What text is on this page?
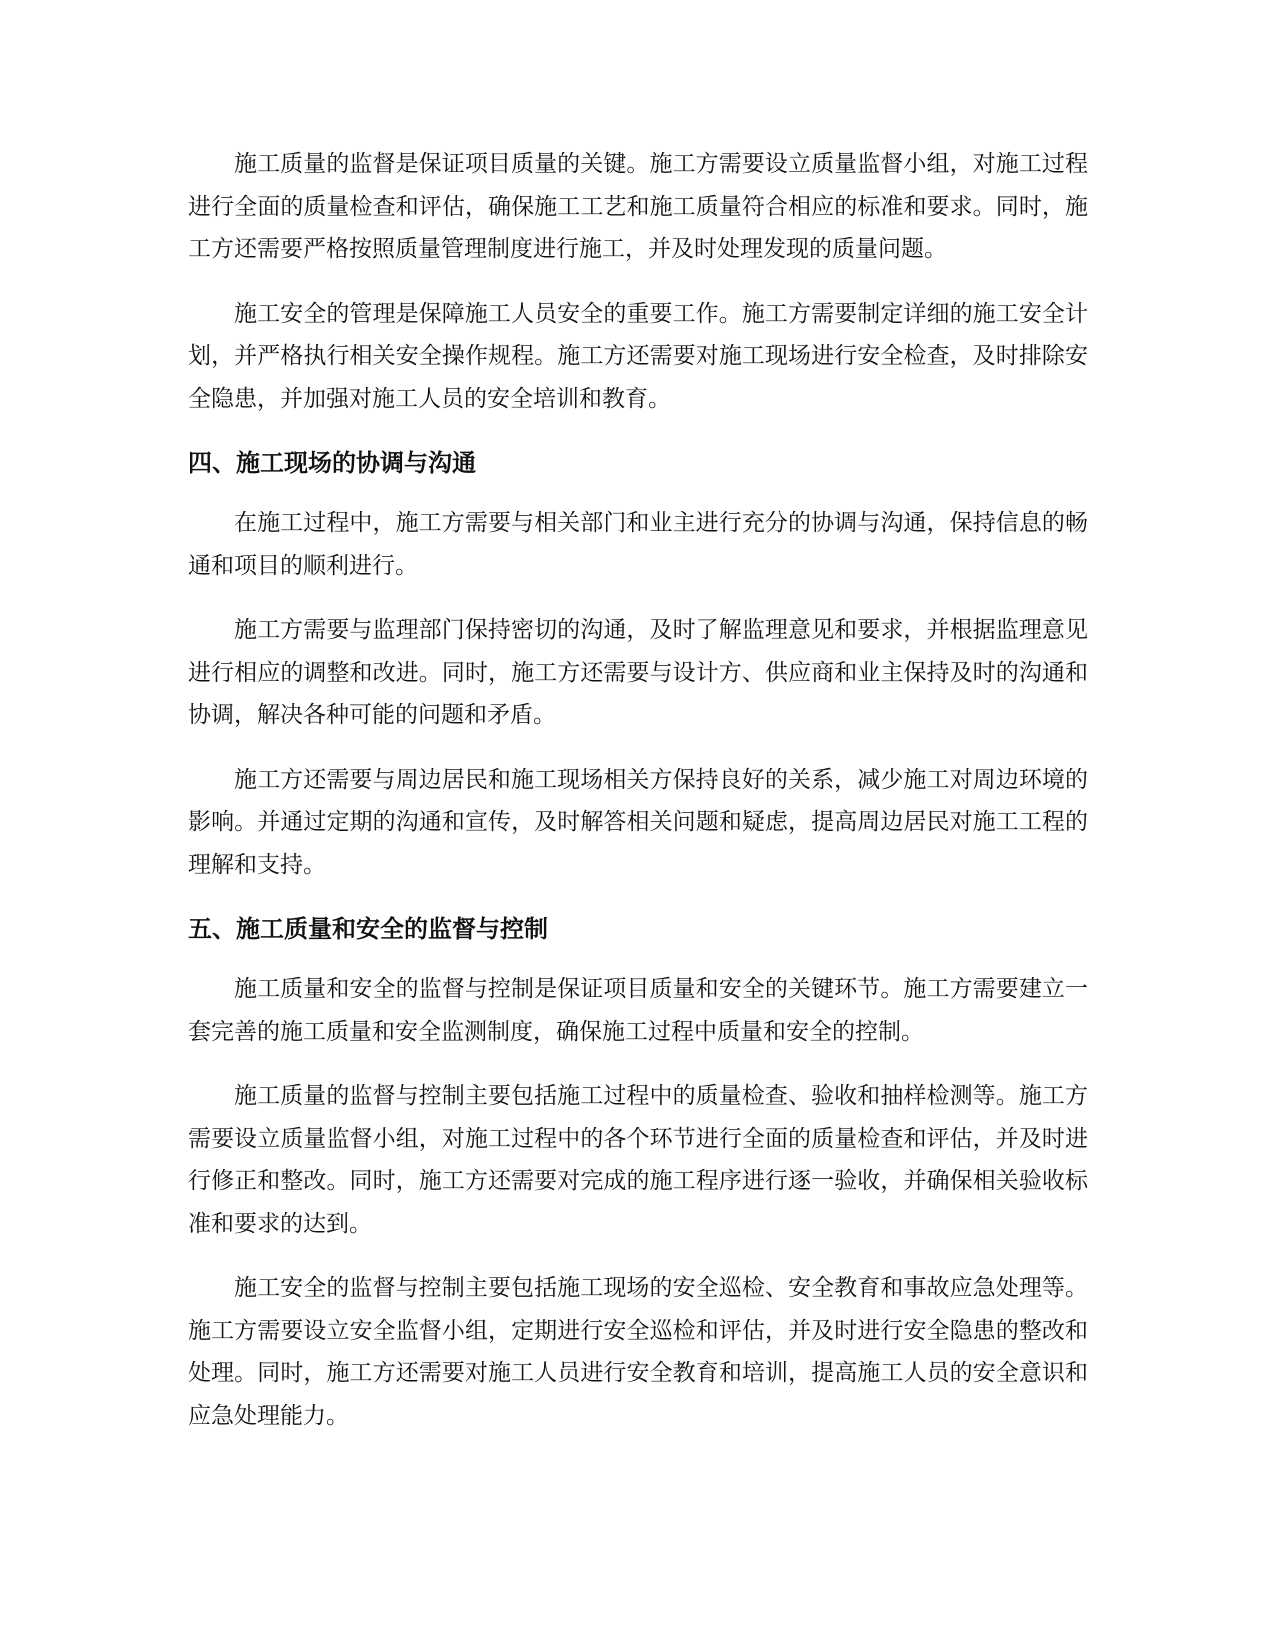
施工质量的监督是保证项目质量的关键。施工方需要设立质量监督小组，对施工过程进行全面的质量检查和评估，确保施工工艺和施工质量符合相应的标准和要求。同时，施工方还需要严格按照质量管理制度进行施工，并及时处理发现的质量问题。

施工安全的管理是保障施工人员安全的重要工作。施工方需要制定详细的施工安全计划，并严格执行相关安全操作规程。施工方还需要对施工现场进行安全检查，及时排除安全隐患，并加强对施工人员的安全培训和教育。

四、施工现场的协调与沟通

在施工过程中，施工方需要与相关部门和业主进行充分的协调与沟通，保持信息的畅通和项目的顺利进行。

施工方需要与监理部门保持密切的沟通，及时了解监理意见和要求，并根据监理意见进行相应的调整和改进。同时，施工方还需要与设计方、供应商和业主保持及时的沟通和协调，解决各种可能的问题和矛盾。

施工方还需要与周边居民和施工现场相关方保持良好的关系，减少施工对周边环境的影响。并通过定期的沟通和宣传，及时解答相关问题和疑虑，提高周边居民对施工工程的理解和支持。

五、施工质量和安全的监督与控制

施工质量和安全的监督与控制是保证项目质量和安全的关键环节。施工方需要建立一套完善的施工质量和安全监测制度，确保施工过程中质量和安全的控制。

施工质量的监督与控制主要包括施工过程中的质量检查、验收和抽样检测等。施工方需要设立质量监督小组，对施工过程中的各个环节进行全面的质量检查和评估，并及时进行修正和整改。同时，施工方还需要对完成的施工程序进行逐一验收，并确保相关验收标准和要求的达到。

施工安全的监督与控制主要包括施工现场的安全巡检、安全教育和事故应急处理等。施工方需要设立安全监督小组，定期进行安全巡检和评估，并及时进行安全隐患的整改和处理。同时，施工方还需要对施工人员进行安全教育和培训，提高施工人员的安全意识和应急处理能力。
